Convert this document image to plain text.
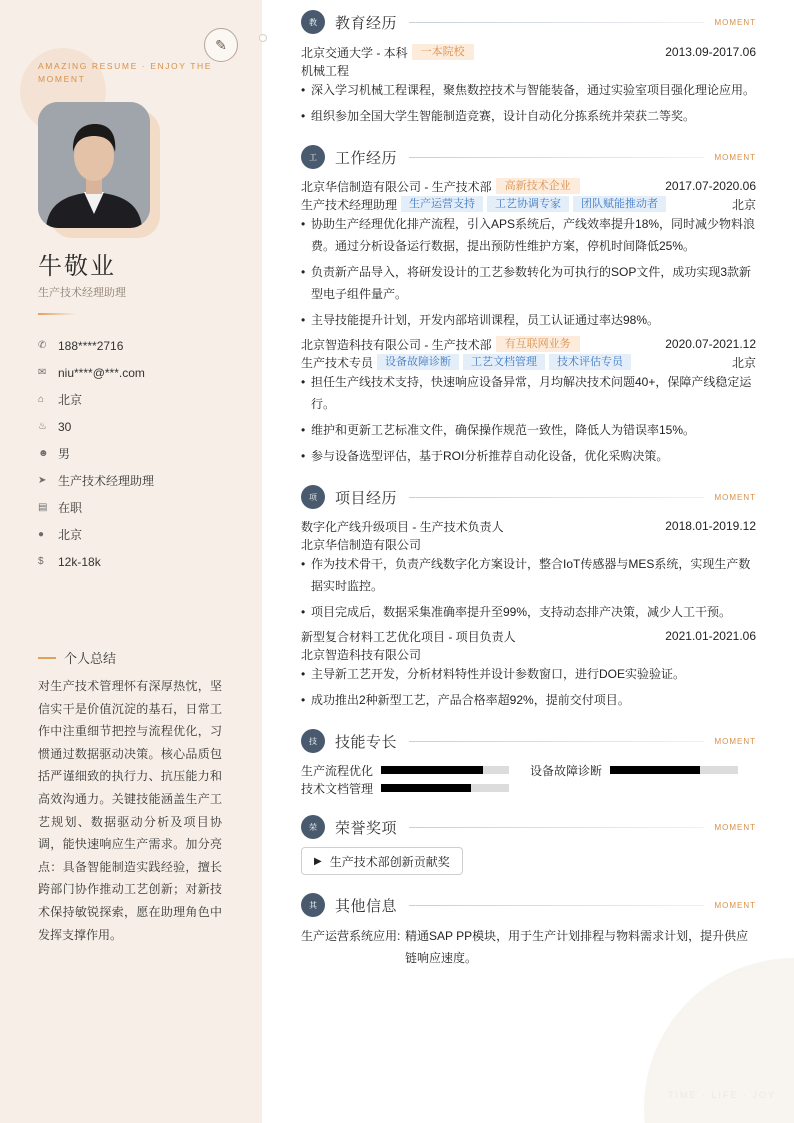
✎
AMAZING RESUME · ENJOY THE MOMENT
牛敬业
生产技术经理助理
✆ 188****2716
✉ niu****@***.com
⌂	北京
♨ 30
☻ 男
➤ 生产技术经理助理
▤ 在职
●	北京
$	12k-18k
个人总结
对生产技术管理怀有深厚热忱，坚信实干是价值沉淀的基石，日常工作中注重细节把控与流程优化，习惯通过数据驱动决策。核心品质包括严谨细致的执行力、抗压能力和高效沟通力。关键技能涵盖生产工艺规划、数据驱动分析及项目协调，能快速响应生产需求。加分亮点：具备智能制造实践经验，擅长跨部门协作推动工艺创新；对新技术保持敏锐探索，愿在助理角色中发挥支撑作用。
TIME · LIFE · JOY
教	教育经历	MOMENT
北京交通大学 - 本科	一本院校	2013.09-2017.06
机械工程
• 深入学习机械工程课程，聚焦数控技术与智能装备，通过实验室项目强化理论应用。
• 组织参加全国大学生智能制造竞赛，设计自动化分拣系统并荣获二等奖。
工	工作经历	MOMENT
北京华信制造有限公司 - 生产技术部	高新技术企业	2017.07-2020.06
生产技术经理助理	生产运营支持	工艺协调专家	团队赋能推动者	北京
• 协助生产经理优化排产流程，引入APS系统后，产线效率提升18%，同时减少物料浪费。通过分析设备运行数据，提出预防性维护方案，停机时间降低25%。
• 负责新产品导入，将研发设计的工艺参数转化为可执行的SOP文件，成功实现3款新型电子组件量产。
• 主导技能提升计划，开发内部培训课程，员工认证通过率达98%。
北京智造科技有限公司 - 生产技术部	有互联网业务	2020.07-2021.12
生产技术专员	设备故障诊断	工艺文档管理	技术评估专员	北京
• 担任生产线技术支持，快速响应设备异常，月均解决技术问题40+，保障产线稳定运行。
• 维护和更新工艺标准文件，确保操作规范一致性，降低人为错误率15%。
• 参与设备选型评估，基于ROI分析推荐自动化设备，优化采购决策。
项	项目经历	MOMENT
数字化产线升级项目 - 生产技术负责人	2018.01-2019.12
北京华信制造有限公司
• 作为技术骨干，负责产线数字化方案设计，整合IoT传感器与MES系统，实现生产数据实时监控。
• 项目完成后，数据采集准确率提升至99%，支持动态排产决策，减少人工干预。
新型复合材料工艺优化项目 - 项目负责人	2021.01-2021.06
北京智造科技有限公司
• 主导新工艺开发，分析材料特性并设计参数窗口，进行DOE实验验证。
• 成功推出2种新型工艺，产品合格率超92%，提前交付项目。
技	技能专长	MOMENT
生产流程优化	设备故障诊断
技术文档管理
荣	荣誉奖项	MOMENT
▶ 生产技术部创新贡献奖
其	其他信息	MOMENT
生产运营系统应用: 精通SAP PP模块，用于生产计划排程与物料需求计划，提升供应链响应速度。
